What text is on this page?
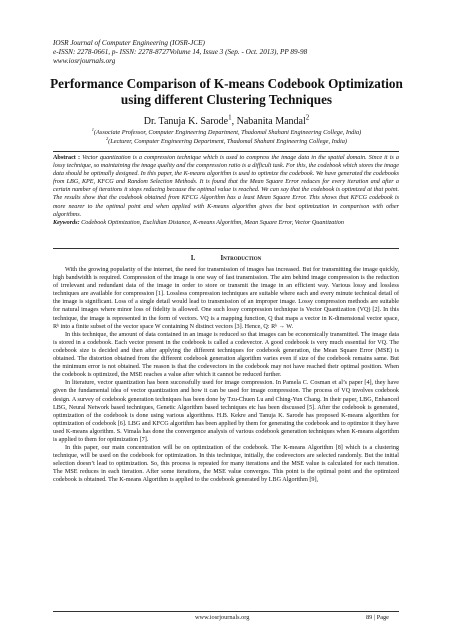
IOSR Journal of Computer Engineering (IOSR-JCE)
e-ISSN: 2278-0661, p- ISSN: 2278-8727Volume 14, Issue 3 (Sep. - Oct. 2013), PP 89-98
www.iosrjournals.org
Performance Comparison of K-means Codebook Optimization
using different Clustering Techniques
Dr. Tanuja K. Sarode$^1$, Nabanita Mandal$^2$
$^1$(Associate Professor, Computer Engineering Department, Thadomal Shahani Engineering College, India)
$^2$(Lecturer, Computer Engineering Department, Thadomal Shahani Engineering College, India)
Abstract : Vector quantization is a compression technique which is used to compress the image data in the spatial domain. Since it is a lossy technique, so maintaining the image quality and the compression ratio is a difficult task. For this, the codebook which stores the image data should be optimally designed. In this paper, the K-means algorithm is used to optimize the codebook. We have generated the codebooks from LBG, KPE, KFCG and Random Selection Methods. It is found that the Mean Square Error reduces for every iteration and after a certain number of iterations it stops reducing because the optimal value is reached. We can say that the codebook is optimized at that point. The results show that the codebook obtained from KFCG Algorithm has a least Mean Square Error. This shows that KFCG codebook is more nearer to the optimal point and when applied with K-means algorithm gives the best optimization in comparison with other algorithms.
Keywords: Codebook Optimization, Euclidian Distance, K-means Algorithm, Mean Square Error, Vector Quantization
I.	Introduction

With the growing popularity of the internet, the need for transmission of images has increased. But for transmitting the image quickly, high bandwidth is required. Compression of the image is one way of fast transmission. The aim behind image compression is the reduction of irrelevant and redundant data of the image in order to store or transmit the image in an efficient way. Various lossy and lossless techniques are available for compression [1]. Lossless compression techniques are suitable where each and every minute technical detail of the image is significant. Loss of a single detail would lead to transmission of an improper image. Lossy compression methods are suitable for natural images where minor loss of fidelity is allowed. One such lossy compression technique is Vector Quantization (VQ) [2]. In this technique, the image is represented in the form of vectors. VQ is a mapping function, Q that maps a vector in K-dimensional vector space, Rᵏ into a finite subset of the vector space W containing N distinct vectors [3]. Hence, Q: Rᵏ → W.

In this technique, the amount of data contained in an image is reduced so that images can be economically transmitted. The image data is stored in a codebook. Each vector present in the codebook is called a codevector. A good codebook is very much essential for VQ. The codebook size is decided and then after applying the different techniques for codebook generation, the Mean Square Error (MSE) is obtained. The distortion obtained from the different codebook generation algorithm varies even if size of the codebook remains same. But the minimum error is not obtained. The reason is that the codevectors in the codebook may not have reached their optimal position. When the codebook is optimized, the MSE reaches a value after which it cannot be reduced further.

In literature, vector quantization has been successfully used for image compression. In Pamela C. Cosman et al’s paper [4], they have given the fundamental idea of vector quantization and how it can be used for image compression. The process of VQ involves codebook design. A survey of codebook generation techniques has been done by Tzu-Chuen Lu and Ching-Yun Chang. In their paper, LBG, Enhanced LBG, Neural Network based techniques, Genetic Algorithm based techniques etc has been discussed [5]. After the codebook is generated, optimization of the codebook is done using various algorithms. H.B. Kekre and Tanuja K. Sarode has proposed K-means algorithm for optimization of codebook [6]. LBG and KFCG algorithm has been applied by them for generating the codebook and to optimize it they have used K-means algorithm. S. Vimala has done the convergence analysis of various codebook generation techniques when K-means algorithm is applied to them for optimization [7].

In this paper, our main concentration will be on optimization of the codebook. The K-means Algorithm [8] which is a clustering technique, will be used on the codebook for optimization. In this technique, initially, the codevectors are selected randomly. But the initial selection doesn’t lead to optimization. So, this process is repeated for many iterations and the MSE value is calculated for each iteration. The MSE reduces in each iteration. After some iterations, the MSE value converges. This point is the optimal point and the optimized codebook is obtained. The K-means Algorithm is applied to the codebook generated by LBG Algorithm [9],

www.iosrjournals.org	89 | Page
